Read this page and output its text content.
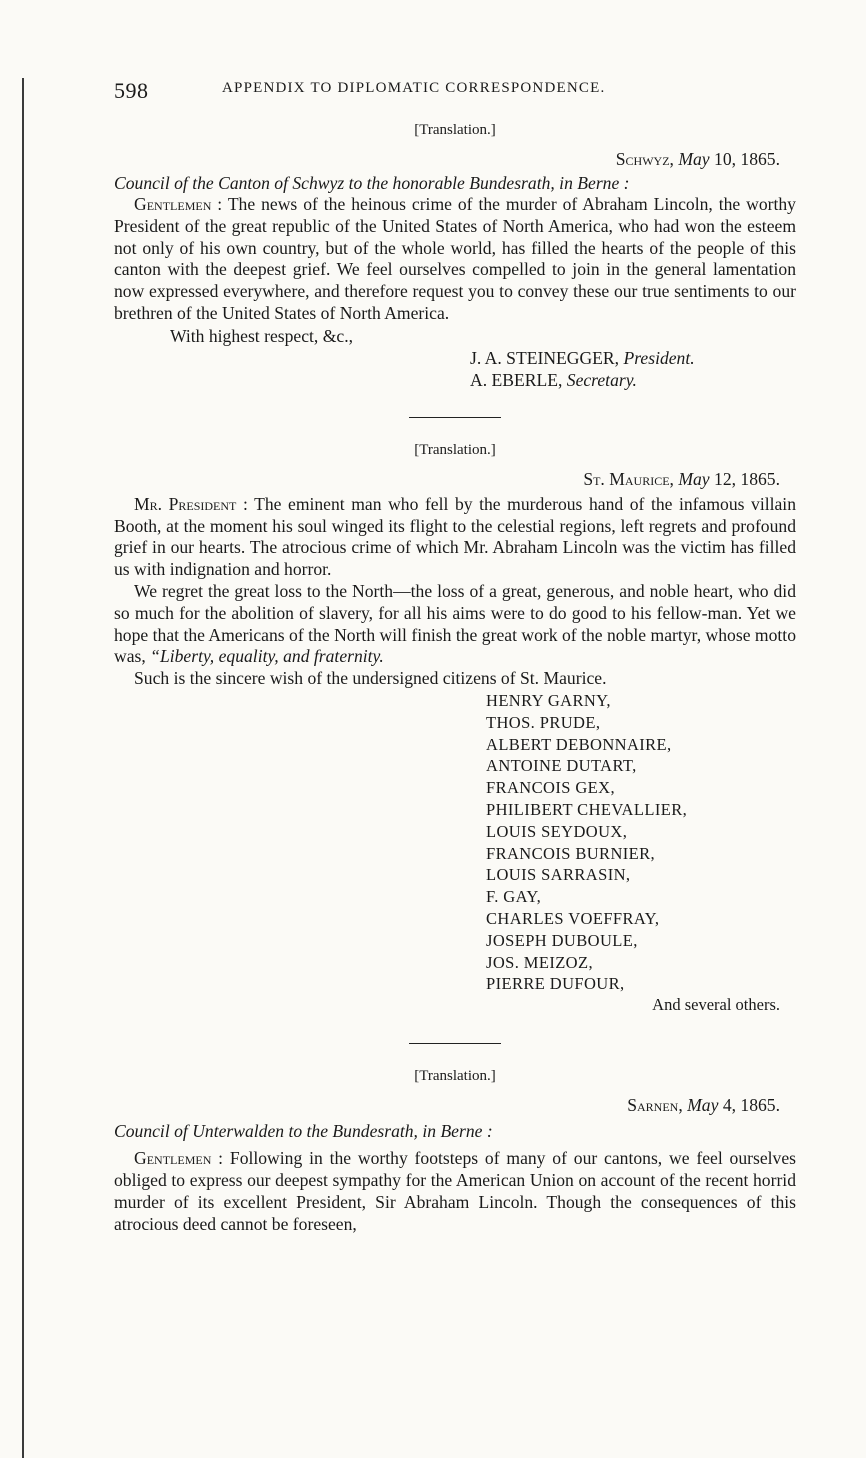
598	APPENDIX TO DIPLOMATIC CORRESPONDENCE.

[Translation.]

Schwyz, May 10, 1865.

Council of the Canton of Schwyz to the honorable Bundesrath, in Berne :

Gentlemen : The news of the heinous crime of the murder of Abraham Lincoln, the worthy President of the great republic of the United States of North America, who had won the esteem not only of his own country, but of the whole world, has filled the hearts of the people of this canton with the deepest grief. We feel ourselves compelled to join in the general lamentation now expressed everywhere, and therefore request you to convey these our true sentiments to our brethren of the United States of North America.

With highest respect, &c.,

J. A. STEINEGGER, President.
A. EBERLE, Secretary.

[Translation.]

St. Maurice, May 12, 1865.

Mr. President : The eminent man who fell by the murderous hand of the infamous villain Booth, at the moment his soul winged its flight to the celestial regions, left regrets and profound grief in our hearts. The atrocious crime of which Mr. Abraham Lincoln was the victim has filled us with indignation and horror.

We regret the great loss to the North—the loss of a great, generous, and noble heart, who did so much for the abolition of slavery, for all his aims were to do good to his fellow-man. Yet we hope that the Americans of the North will finish the great work of the noble martyr, whose motto was, “Liberty, equality, and fraternity.

Such is the sincere wish of the undersigned citizens of St. Maurice.

HENRY GARNY,
THOS. PRUDE,
ALBERT DEBONNAIRE,
ANTOINE DUTART,
FRANCOIS GEX,
PHILIBERT CHEVALLIER,
LOUIS SEYDOUX,
FRANCOIS BURNIER,
LOUIS SARRASIN,
F. GAY,
CHARLES VOEFFRAY,
JOSEPH DUBOULE,
JOS. MEIZOZ,
PIERRE DUFOUR,

And several others.

[Translation.]

Sarnen, May 4, 1865.

Council of Unterwalden to the Bundesrath, in Berne :

Gentlemen : Following in the worthy footsteps of many of our cantons, we feel ourselves obliged to express our deepest sympathy for the American Union on account of the recent horrid murder of its excellent President, Sir Abraham Lincoln. Though the consequences of this atrocious deed cannot be foreseen,
